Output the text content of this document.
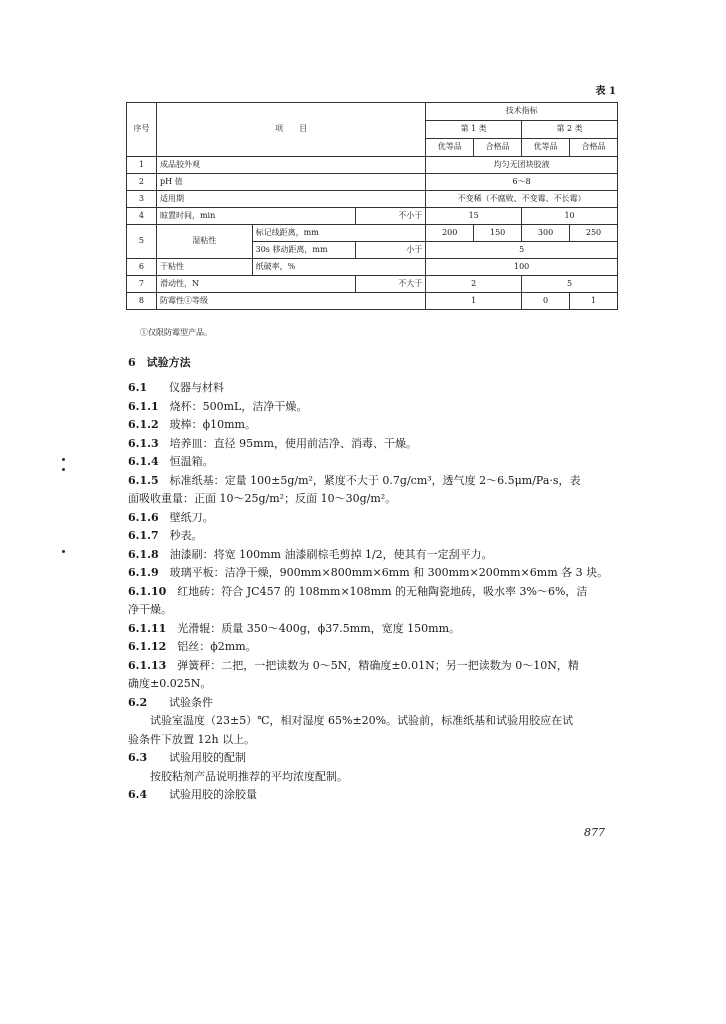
表 1
序号	项　　目			技术指标			
				第 1 类		第 2 类	
				优等品	合格品	优等品	合格品
1	成品胶外观			均匀无团块胶液			
2	pH 值			6～8			
3	适用期			不变稀（不腐败、不变霉、不长霉）			
4	晾置时间，min		不小于	15		10	
5	湿粘性	标记线距离，mm		200	150	300	250
		30s 移动距离，mm	小于	5			
6	干粘性	纸破率，%		100			
7	滑动性，N		不大于	2		5	
8	防霉性①等级			1		0	1
①仅限防霉型产品。
6　试验方法
6.1　仪器与材料
6.1.1　烧杯：500mL，洁净干燥。
6.1.2　玻棒：ϕ10mm。
6.1.3　培养皿：直径 95mm，使用前洁净、消毒、干燥。
6.1.4　恒温箱。
6.1.5　标准纸基：定量 100±5g/m²，紧度不大于 0.7g/cm³，透气度 2～6.5μm/Pa·s，表
面吸收重量：正面 10～25g/m²；反面 10～30g/m²。
6.1.6　壁纸刀。
6.1.7　秒表。
6.1.8　油漆刷：将宽 100mm 油漆刷棕毛剪掉 1/2，使其有一定刮平力。
6.1.9　玻璃平板：洁净干燥，900mm×800mm×6mm 和 300mm×200mm×6mm 各 3 块。
6.1.10　红地砖：符合 JC457 的 108mm×108mm 的无釉陶瓷地砖，吸水率 3%～6%，洁
净干燥。
6.1.11　光滑辊：质量 350～400g，ϕ37.5mm，宽度 150mm。
6.1.12　铝丝：ϕ2mm。
6.1.13　弹簧秤：二把，一把读数为 0～5N，精确度±0.01N；另一把读数为 0～10N，精
确度±0.025N。
6.2　试验条件
　　试验室温度（23±5）℃，相对湿度 65%±20%。试验前，标准纸基和试验用胶应在试
验条件下放置 12h 以上。
6.3　试验用胶的配制
　　按胶粘剂产品说明推荐的平均浓度配制。
6.4　试验用胶的涂胶量
877
